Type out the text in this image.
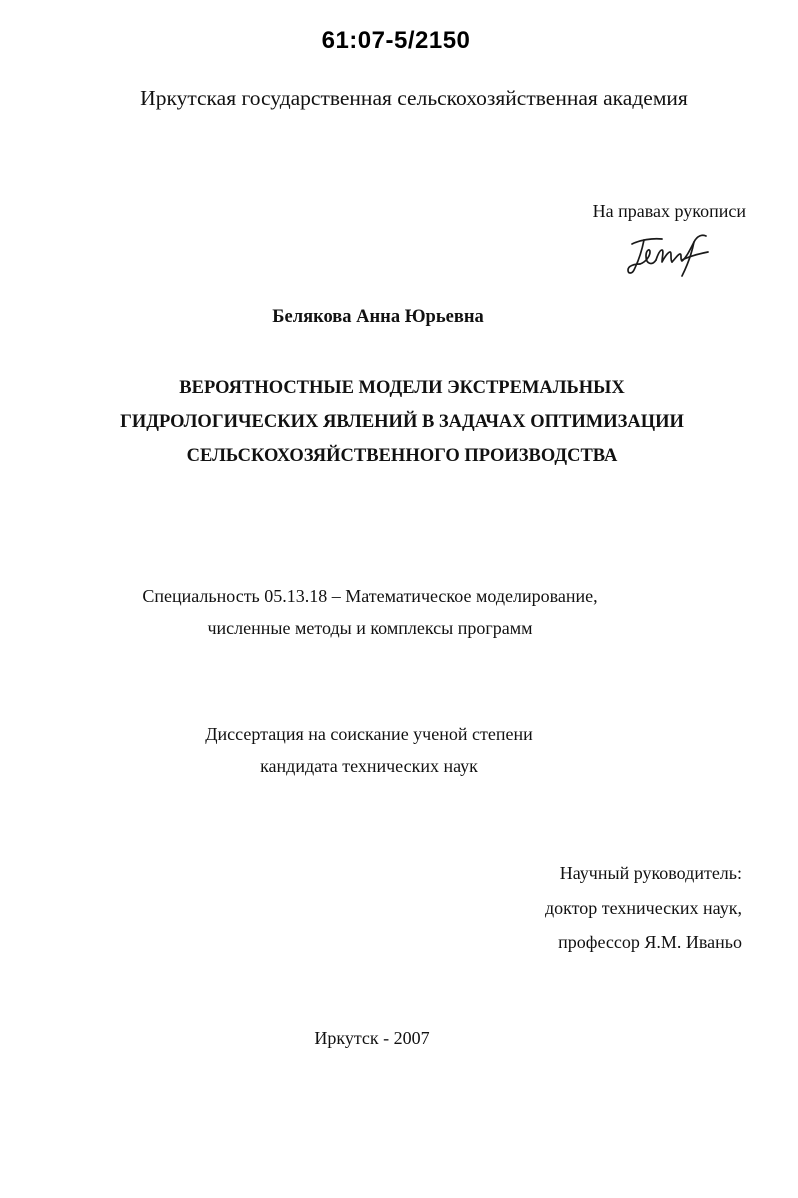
61:07-5/2150
Иркутская государственная сельскохозяйственная академия
На правах рукописи
Белякова Анна Юрьевна
ВЕРОЯТНОСТНЫЕ МОДЕЛИ ЭКСТРЕМАЛЬНЫХ
ГИДРОЛОГИЧЕСКИХ ЯВЛЕНИЙ В ЗАДАЧАХ ОПТИМИЗАЦИИ
СЕЛЬСКОХОЗЯЙСТВЕННОГО ПРОИЗВОДСТВА
Специальность 05.13.18 – Математическое моделирование,
численные методы и комплексы программ
Диссертация на соискание ученой степени
кандидата технических наук
Научный руководитель:
доктор технических наук,
профессор Я.М. Иваньо
Иркутск - 2007
